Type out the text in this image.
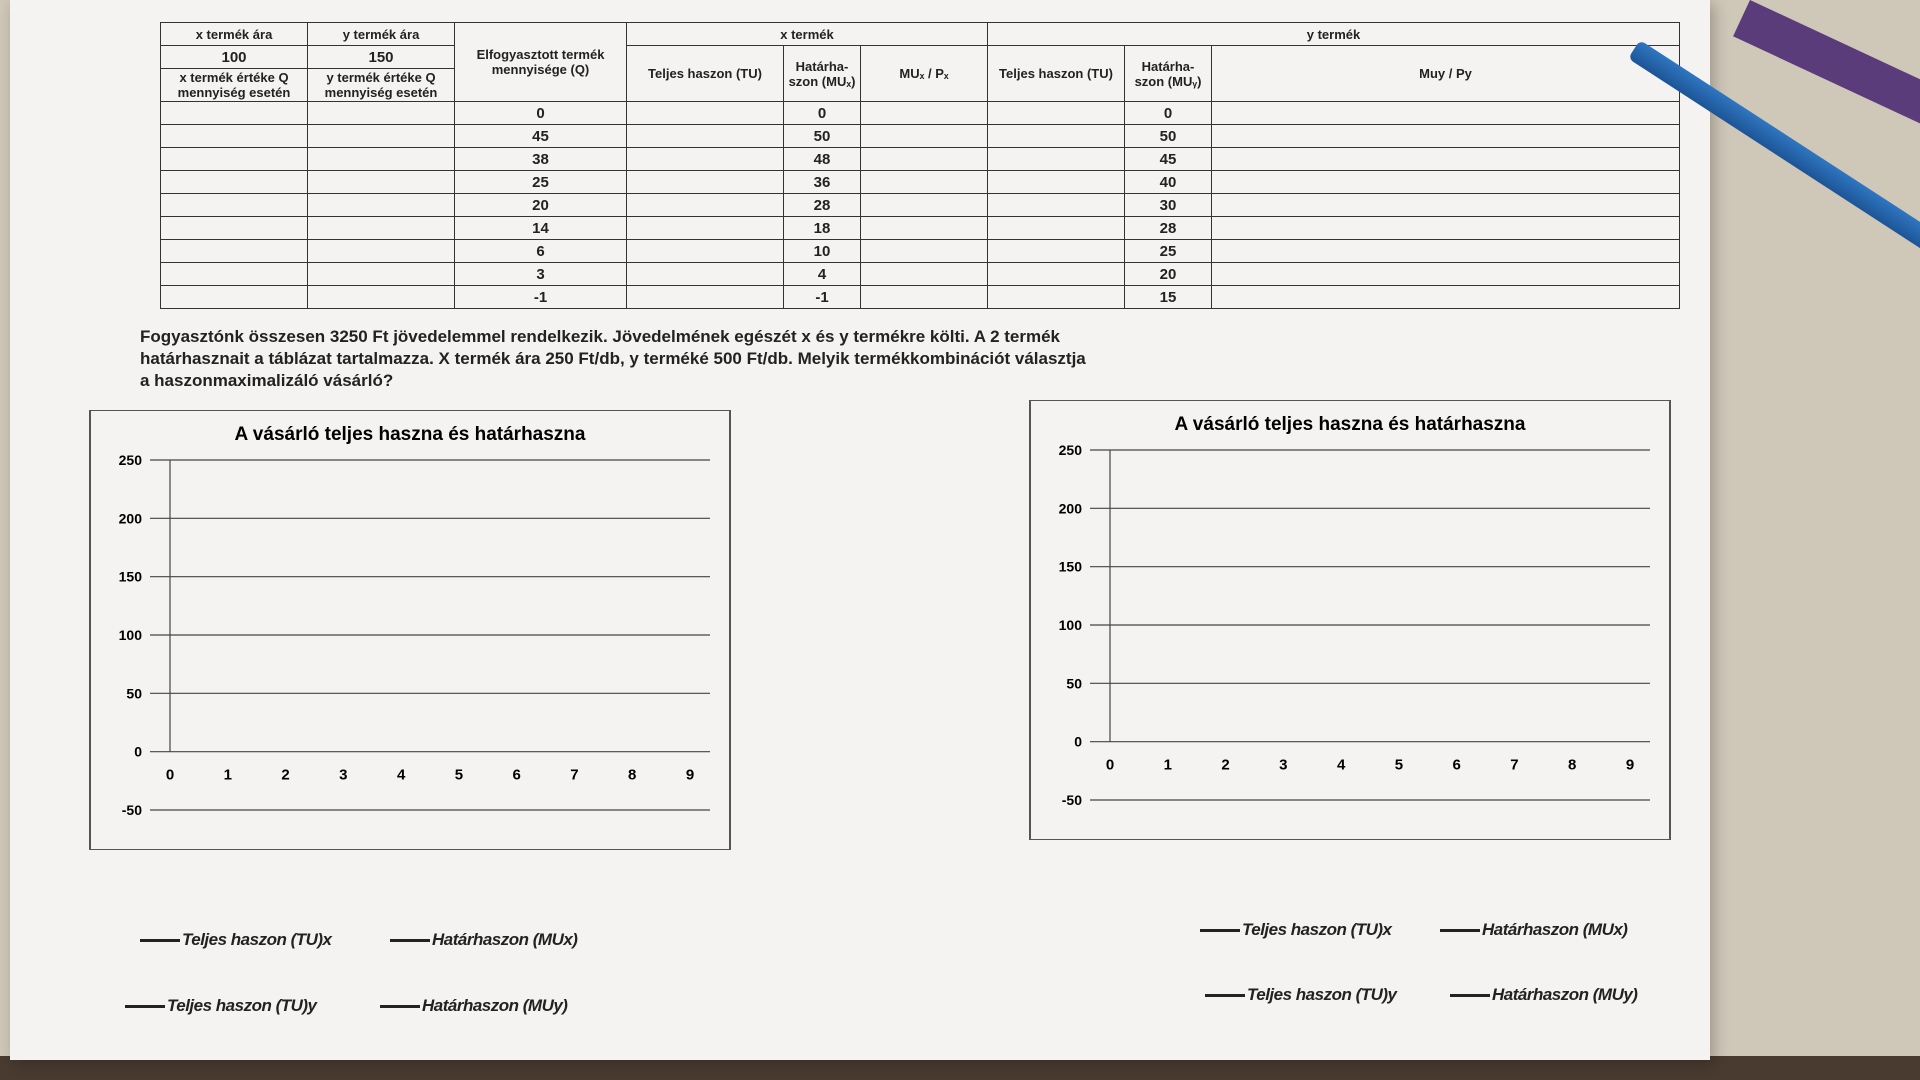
x termék ára	y termék ára	Elfogyasztott termék mennyisége (Q)	x termék			y termék		
100	150		Teljes haszon (TU)	Határha-szon (MUₓ)	MUₓ / Pₓ	Teljes haszon (TU)	Határha-szon (MUᵧ)	Muy / Py
x termék értéke Q mennyiség esetén	y termék értéke Q mennyiség esetén							

		0		0			0	
		45		50			50	
		38		48			45	
		25		36			40	
		20		28			30	
		14		18			28	
		6		10			25	
		3		4			20	
		-1		-1			15	
Fogyasztónk összesen 3250 Ft jövedelemmel rendelkezik. Jövedelmének egészét x és y termékre költi. A 2 termék
határhasznait a táblázat tartalmazza. X termék ára 250 Ft/db, y terméké 500 Ft/db. Melyik termékkombinációt választja
a haszonmaximalizáló vásárló?
A vásárló teljes haszna és határhaszna
250
200
150
100
50
0
-50
0	1	2	3	4	5	6	7	8	9
A vásárló teljes haszna és határhaszna
250
200
150
100
50
0
-50
0	1	2	3	4	5	6	7	8	9
Teljes haszon (TU)x	Határhaszon (MUx)
Teljes haszon (TU)y	Határhaszon (MUy)
Teljes haszon (TU)x	Határhaszon (MUx)
Teljes haszon (TU)y	Határhaszon (MUy)
